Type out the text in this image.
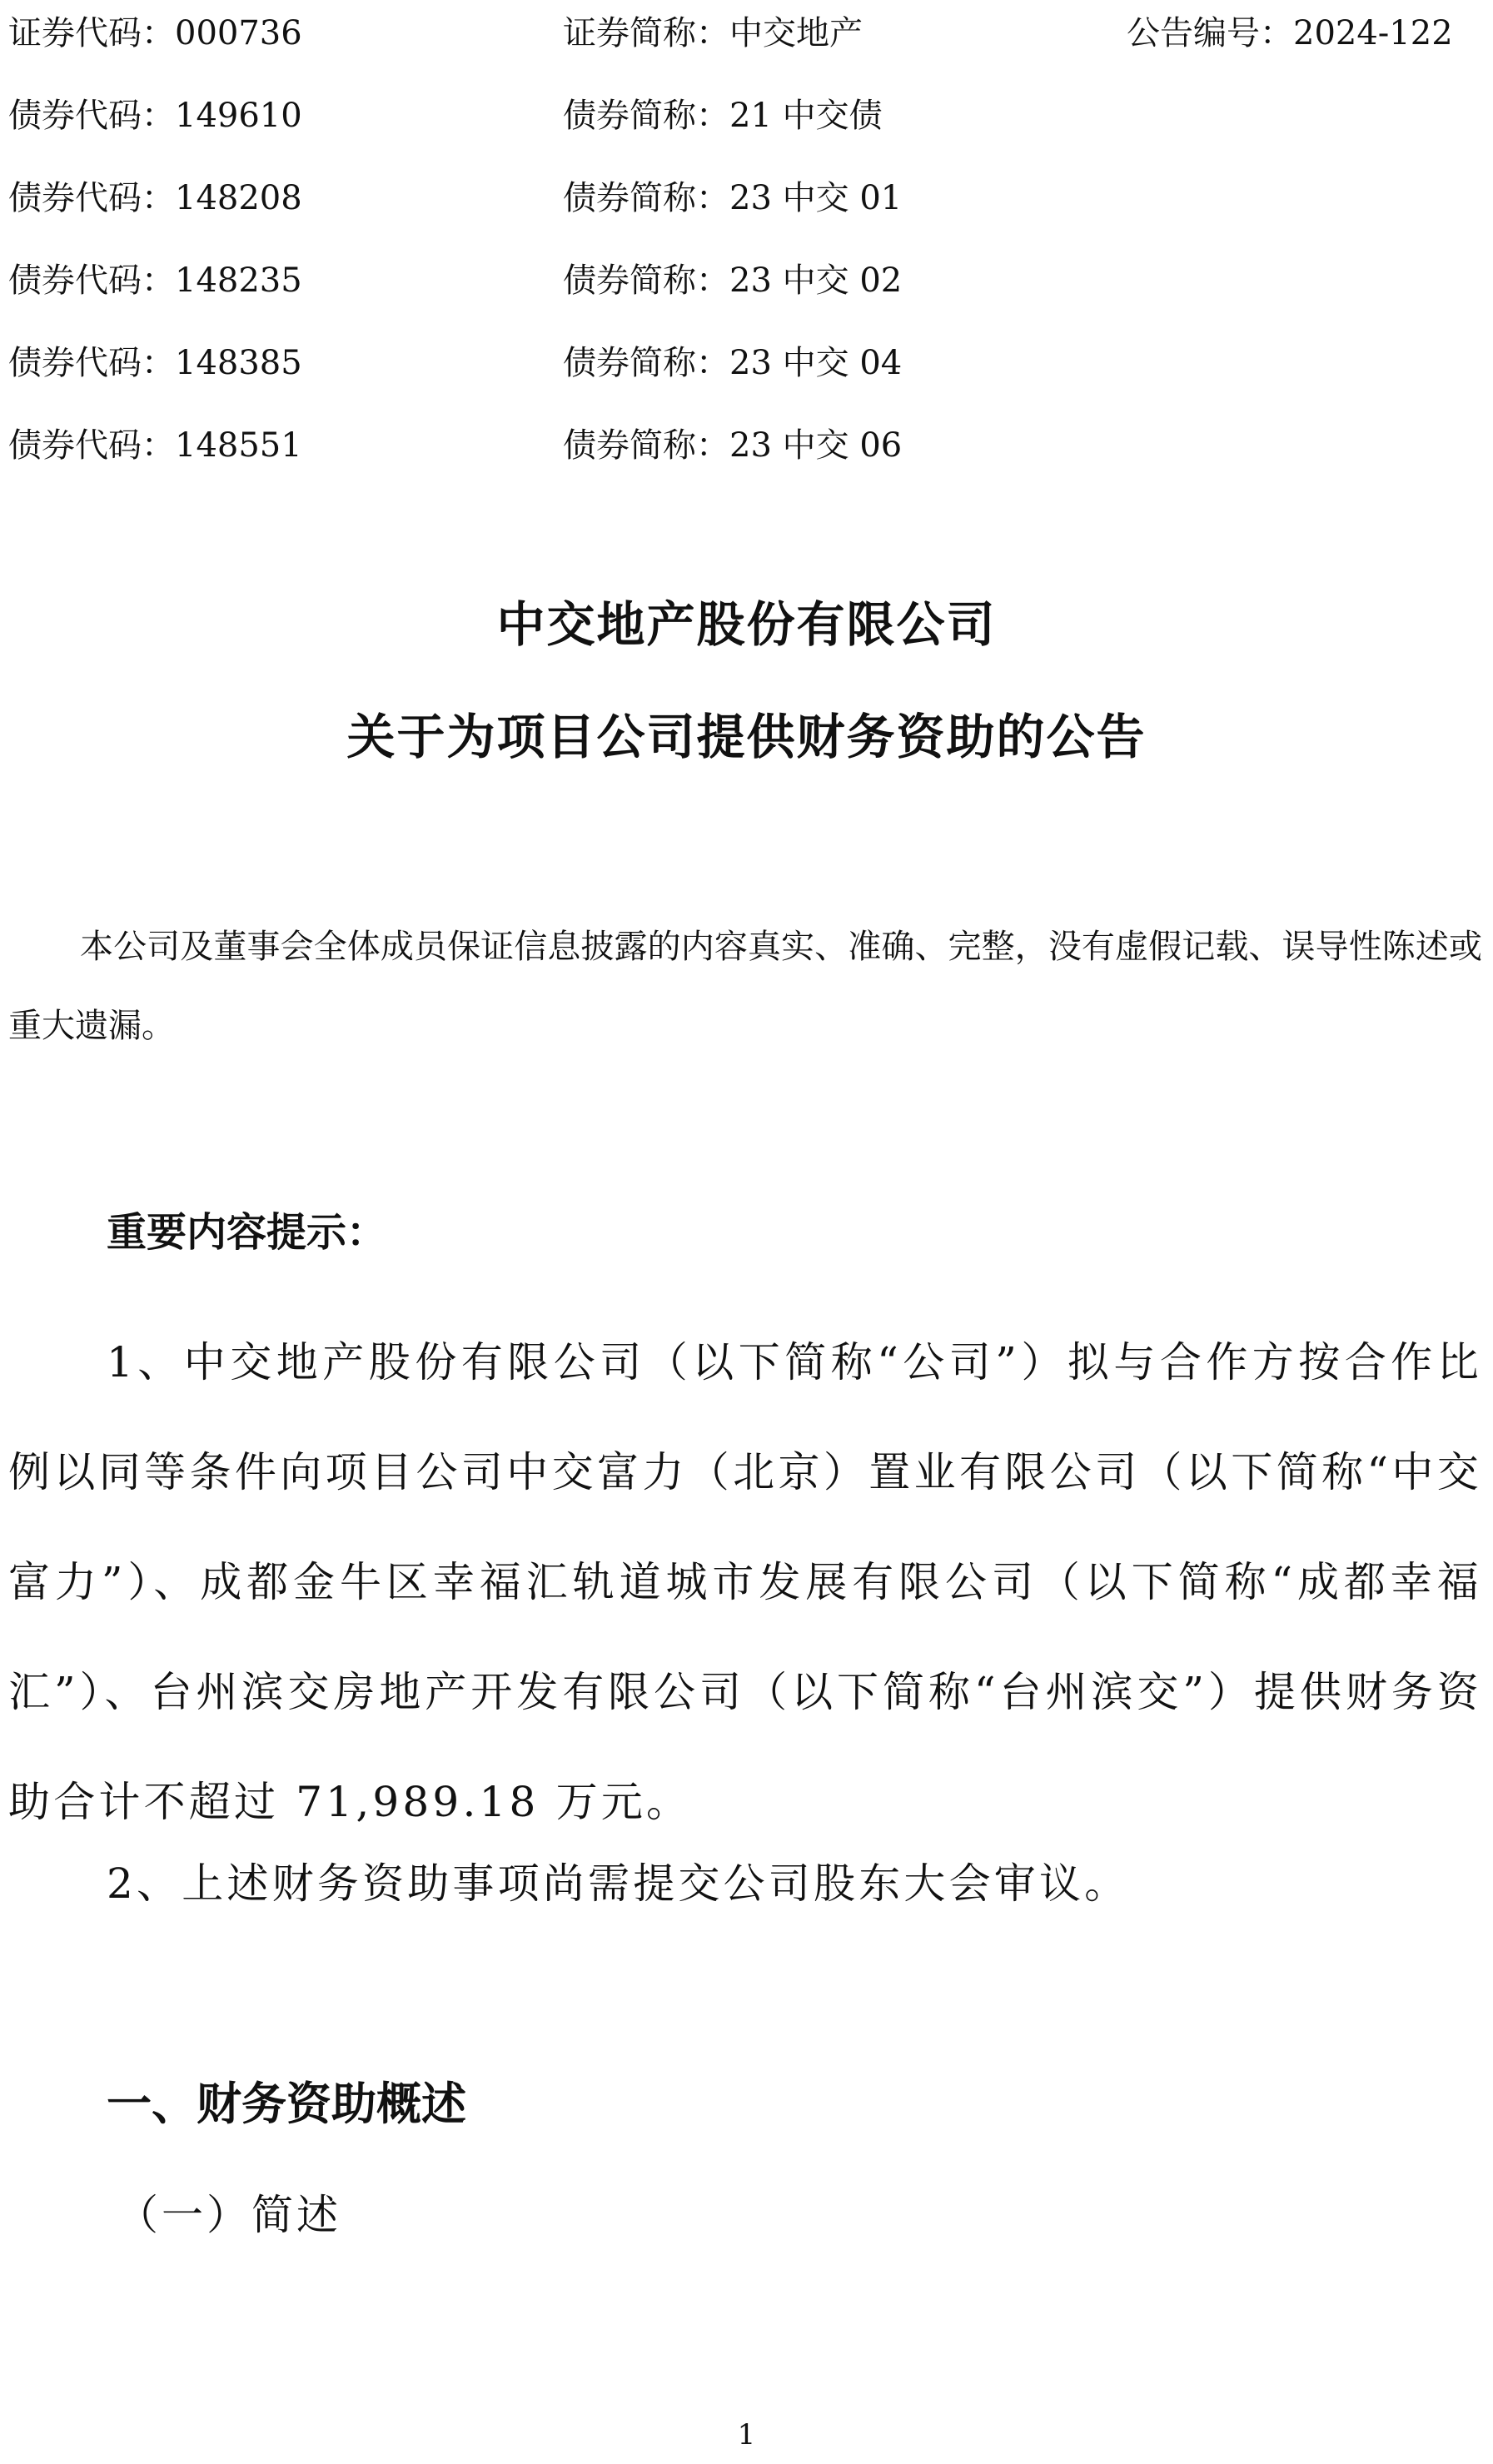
证券代码：000736	证券简称：中交地产	公告编号：2024-122
债券代码：149610	债券简称：21 中交债
债券代码：148208	债券简称：23 中交 01
债券代码：148235	债券简称：23 中交 02
债券代码：148385	债券简称：23 中交 04
债券代码：148551	债券简称：23 中交 06
中交地产股份有限公司
关于为项目公司提供财务资助的公告
本公司及董事会全体成员保证信息披露的内容真实、准确、完整，没有虚假记载、误导性陈述或重大遗漏。
重要内容提示：
1、中交地产股份有限公司（以下简称“公司”）拟与合作方按合作比例以同等条件向项目公司中交富力（北京）置业有限公司（以下简称“中交富力”）、成都金牛区幸福汇轨道城市发展有限公司（以下简称“成都幸福汇”）、台州滨交房地产开发有限公司（以下简称“台州滨交”）提供财务资助合计不超过 71,989.18 万元。
2、上述财务资助事项尚需提交公司股东大会审议。
一、财务资助概述
（一）简述
1
